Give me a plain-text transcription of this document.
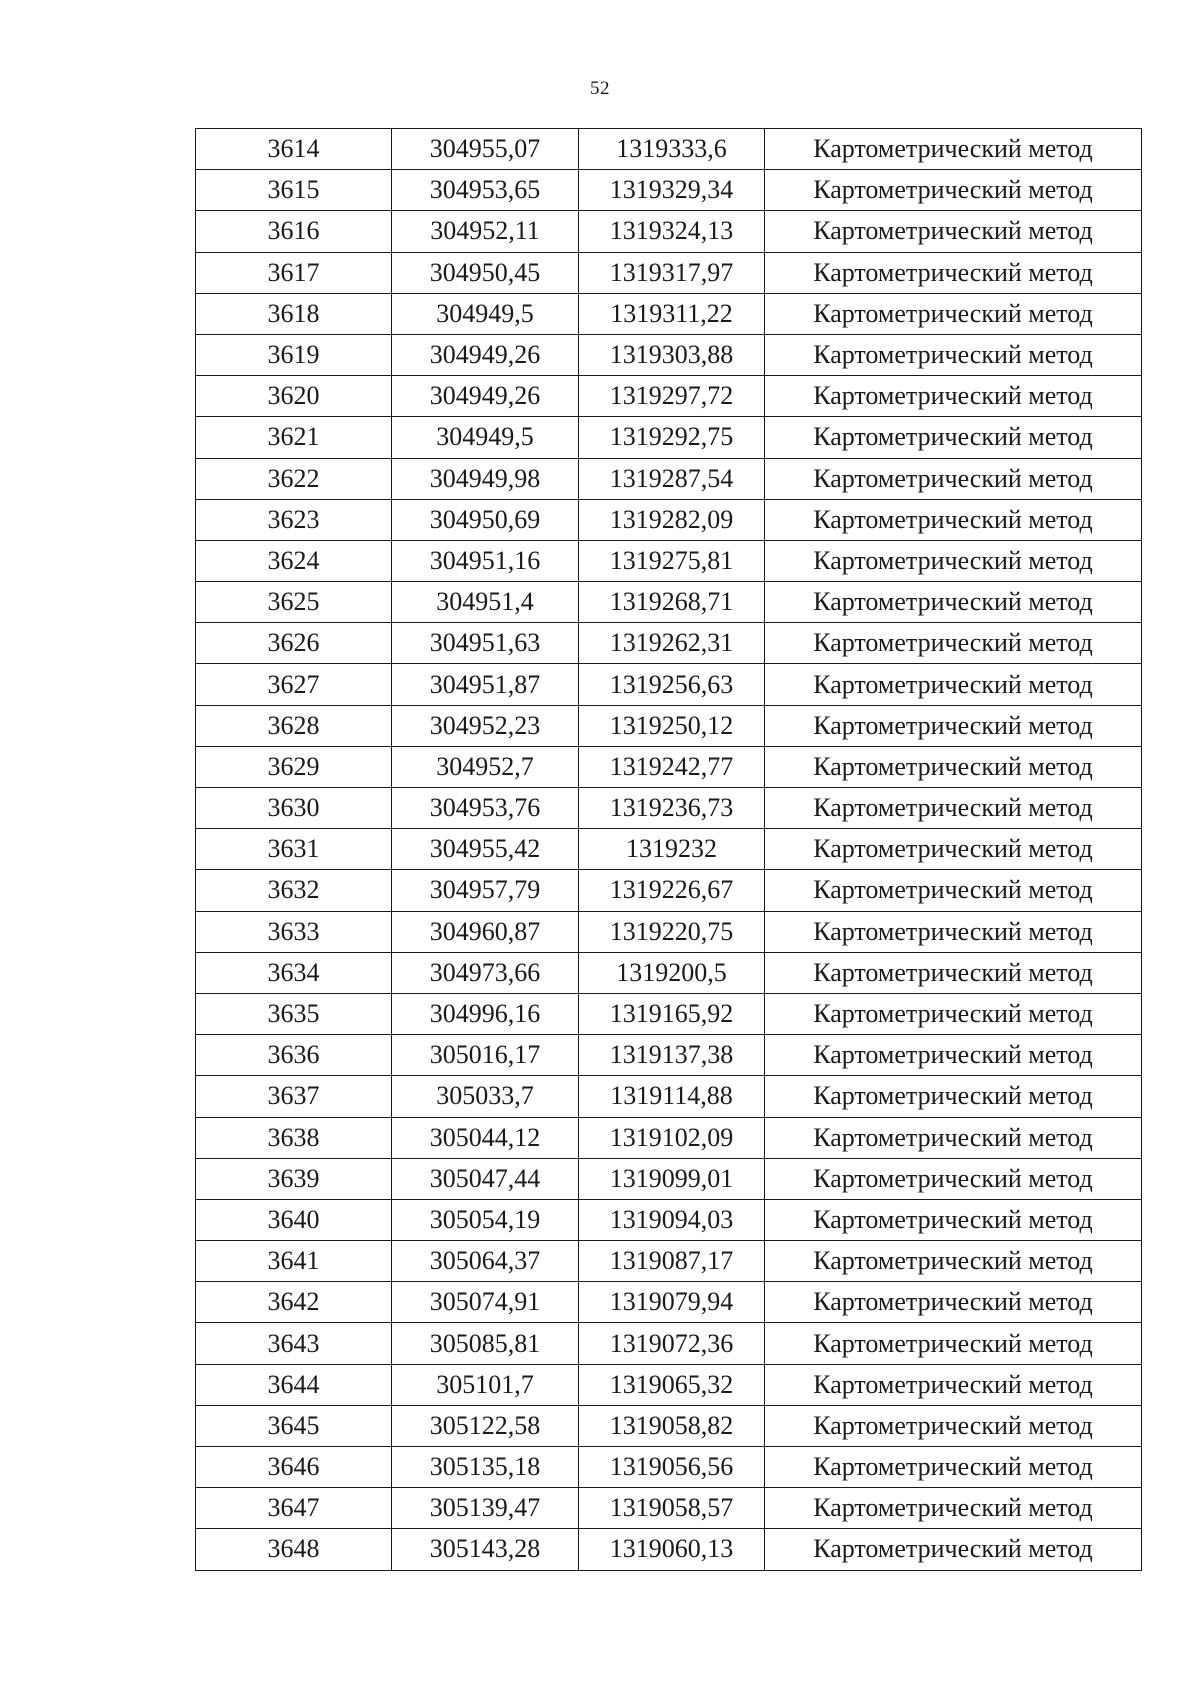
52
3614	304955,07	1319333,6	Картометрический метод
3615	304953,65	1319329,34	Картометрический метод
3616	304952,11	1319324,13	Картометрический метод
3617	304950,45	1319317,97	Картометрический метод
3618	304949,5	1319311,22	Картометрический метод
3619	304949,26	1319303,88	Картометрический метод
3620	304949,26	1319297,72	Картометрический метод
3621	304949,5	1319292,75	Картометрический метод
3622	304949,98	1319287,54	Картометрический метод
3623	304950,69	1319282,09	Картометрический метод
3624	304951,16	1319275,81	Картометрический метод
3625	304951,4	1319268,71	Картометрический метод
3626	304951,63	1319262,31	Картометрический метод
3627	304951,87	1319256,63	Картометрический метод
3628	304952,23	1319250,12	Картометрический метод
3629	304952,7	1319242,77	Картометрический метод
3630	304953,76	1319236,73	Картометрический метод
3631	304955,42	1319232	Картометрический метод
3632	304957,79	1319226,67	Картометрический метод
3633	304960,87	1319220,75	Картометрический метод
3634	304973,66	1319200,5	Картометрический метод
3635	304996,16	1319165,92	Картометрический метод
3636	305016,17	1319137,38	Картометрический метод
3637	305033,7	1319114,88	Картометрический метод
3638	305044,12	1319102,09	Картометрический метод
3639	305047,44	1319099,01	Картометрический метод
3640	305054,19	1319094,03	Картометрический метод
3641	305064,37	1319087,17	Картометрический метод
3642	305074,91	1319079,94	Картометрический метод
3643	305085,81	1319072,36	Картометрический метод
3644	305101,7	1319065,32	Картометрический метод
3645	305122,58	1319058,82	Картометрический метод
3646	305135,18	1319056,56	Картометрический метод
3647	305139,47	1319058,57	Картометрический метод
3648	305143,28	1319060,13	Картометрический метод
